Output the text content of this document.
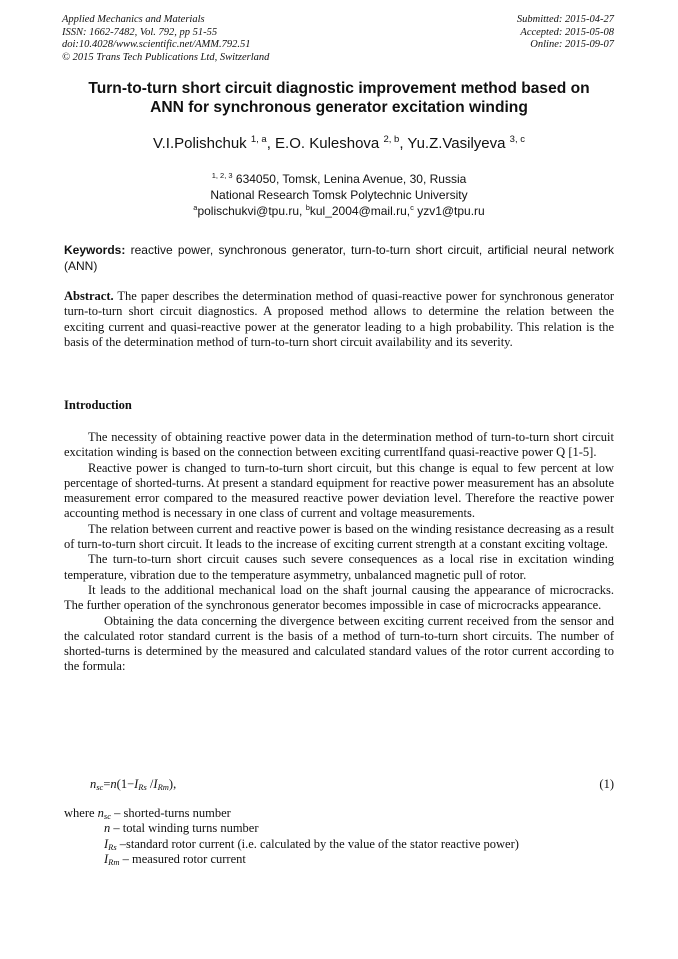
Applied Mechanics and Materials
ISSN: 1662-7482, Vol. 792, pp 51-55
doi:10.4028/www.scientific.net/AMM.792.51
© 2015 Trans Tech Publications Ltd, Switzerland
Submitted: 2015-04-27
Accepted: 2015-05-08
Online: 2015-09-07
Turn-to-turn short circuit diagnostic improvement method based on
ANN for synchronous generator excitation winding
V.I.Polishchuk $^{1, a}$, E.O. Kuleshova $^{2, b}$, Yu.Z.Vasilyeva $^{3, c}$
$^{1, 2, 3}$ 634050, Tomsk, Lenina Avenue, 30, Russia
National Research Tomsk Polytechnic University
$^a$polischukvi@tpu.ru, $^b$kul_2004@mail.ru,$^c$ yzv1@tpu.ru

Keywords: reactive power, synchronous generator, turn-to-turn short circuit, artificial neural network (ANN)

Abstract. The paper describes the determination method of quasi-reactive power for synchronous generator turn-to-turn short circuit diagnostics. A proposed method allows to determine the relation between the exciting current and quasi-reactive power at the generator leading to a high probability. This relation is the basis of the determination method of turn-to-turn short circuit availability and its severity.

Introduction

The necessity of obtaining reactive power data in the determination method of turn-to-turn short circuit excitation winding is based on the connection between exciting currentIfand quasi-reactive power Q [1-5].

Reactive power is changed to turn-to-turn short circuit, but this change is equal to few percent at low percentage of shorted-turns. At present a standard equipment for reactive power measurement has an absolute measurement error compared to the measured reactive power deviation level. Therefore the reactive power accounting method is necessary in one class of current and voltage measurements.

The relation between current and reactive power is based on the winding resistance decreasing as a result of turn-to-turn short circuit. It leads to the increase of exciting current strength at a constant exciting voltage.

The turn-to-turn short circuit causes such severe consequences as a local rise in excitation winding temperature, vibration due to the temperature asymmetry, unbalanced magnetic pull of rotor.

It leads to the additional mechanical load on the shaft journal causing the appearance of microcracks. The further operation of the synchronous generator becomes impossible in case of microcracks appearance.

Obtaining the data concerning the divergence between exciting current received from the sensor and the calculated rotor standard current is the basis of a method of turn-to-turn short circuits. The number of shorted-turns is determined by the measured and calculated standard values of the rotor current according to the formula:

$n_{sc}=n(1-I_{Rs}$ $/I_{Rm}$),	(1)
where $n_{sc}$ – shorted-turns number
n – total winding turns number
$I_{Rs}$ –standard rotor current (i.e. calculated by the value of the stator reactive power)
$I_{Rm}$ – measured rotor current
